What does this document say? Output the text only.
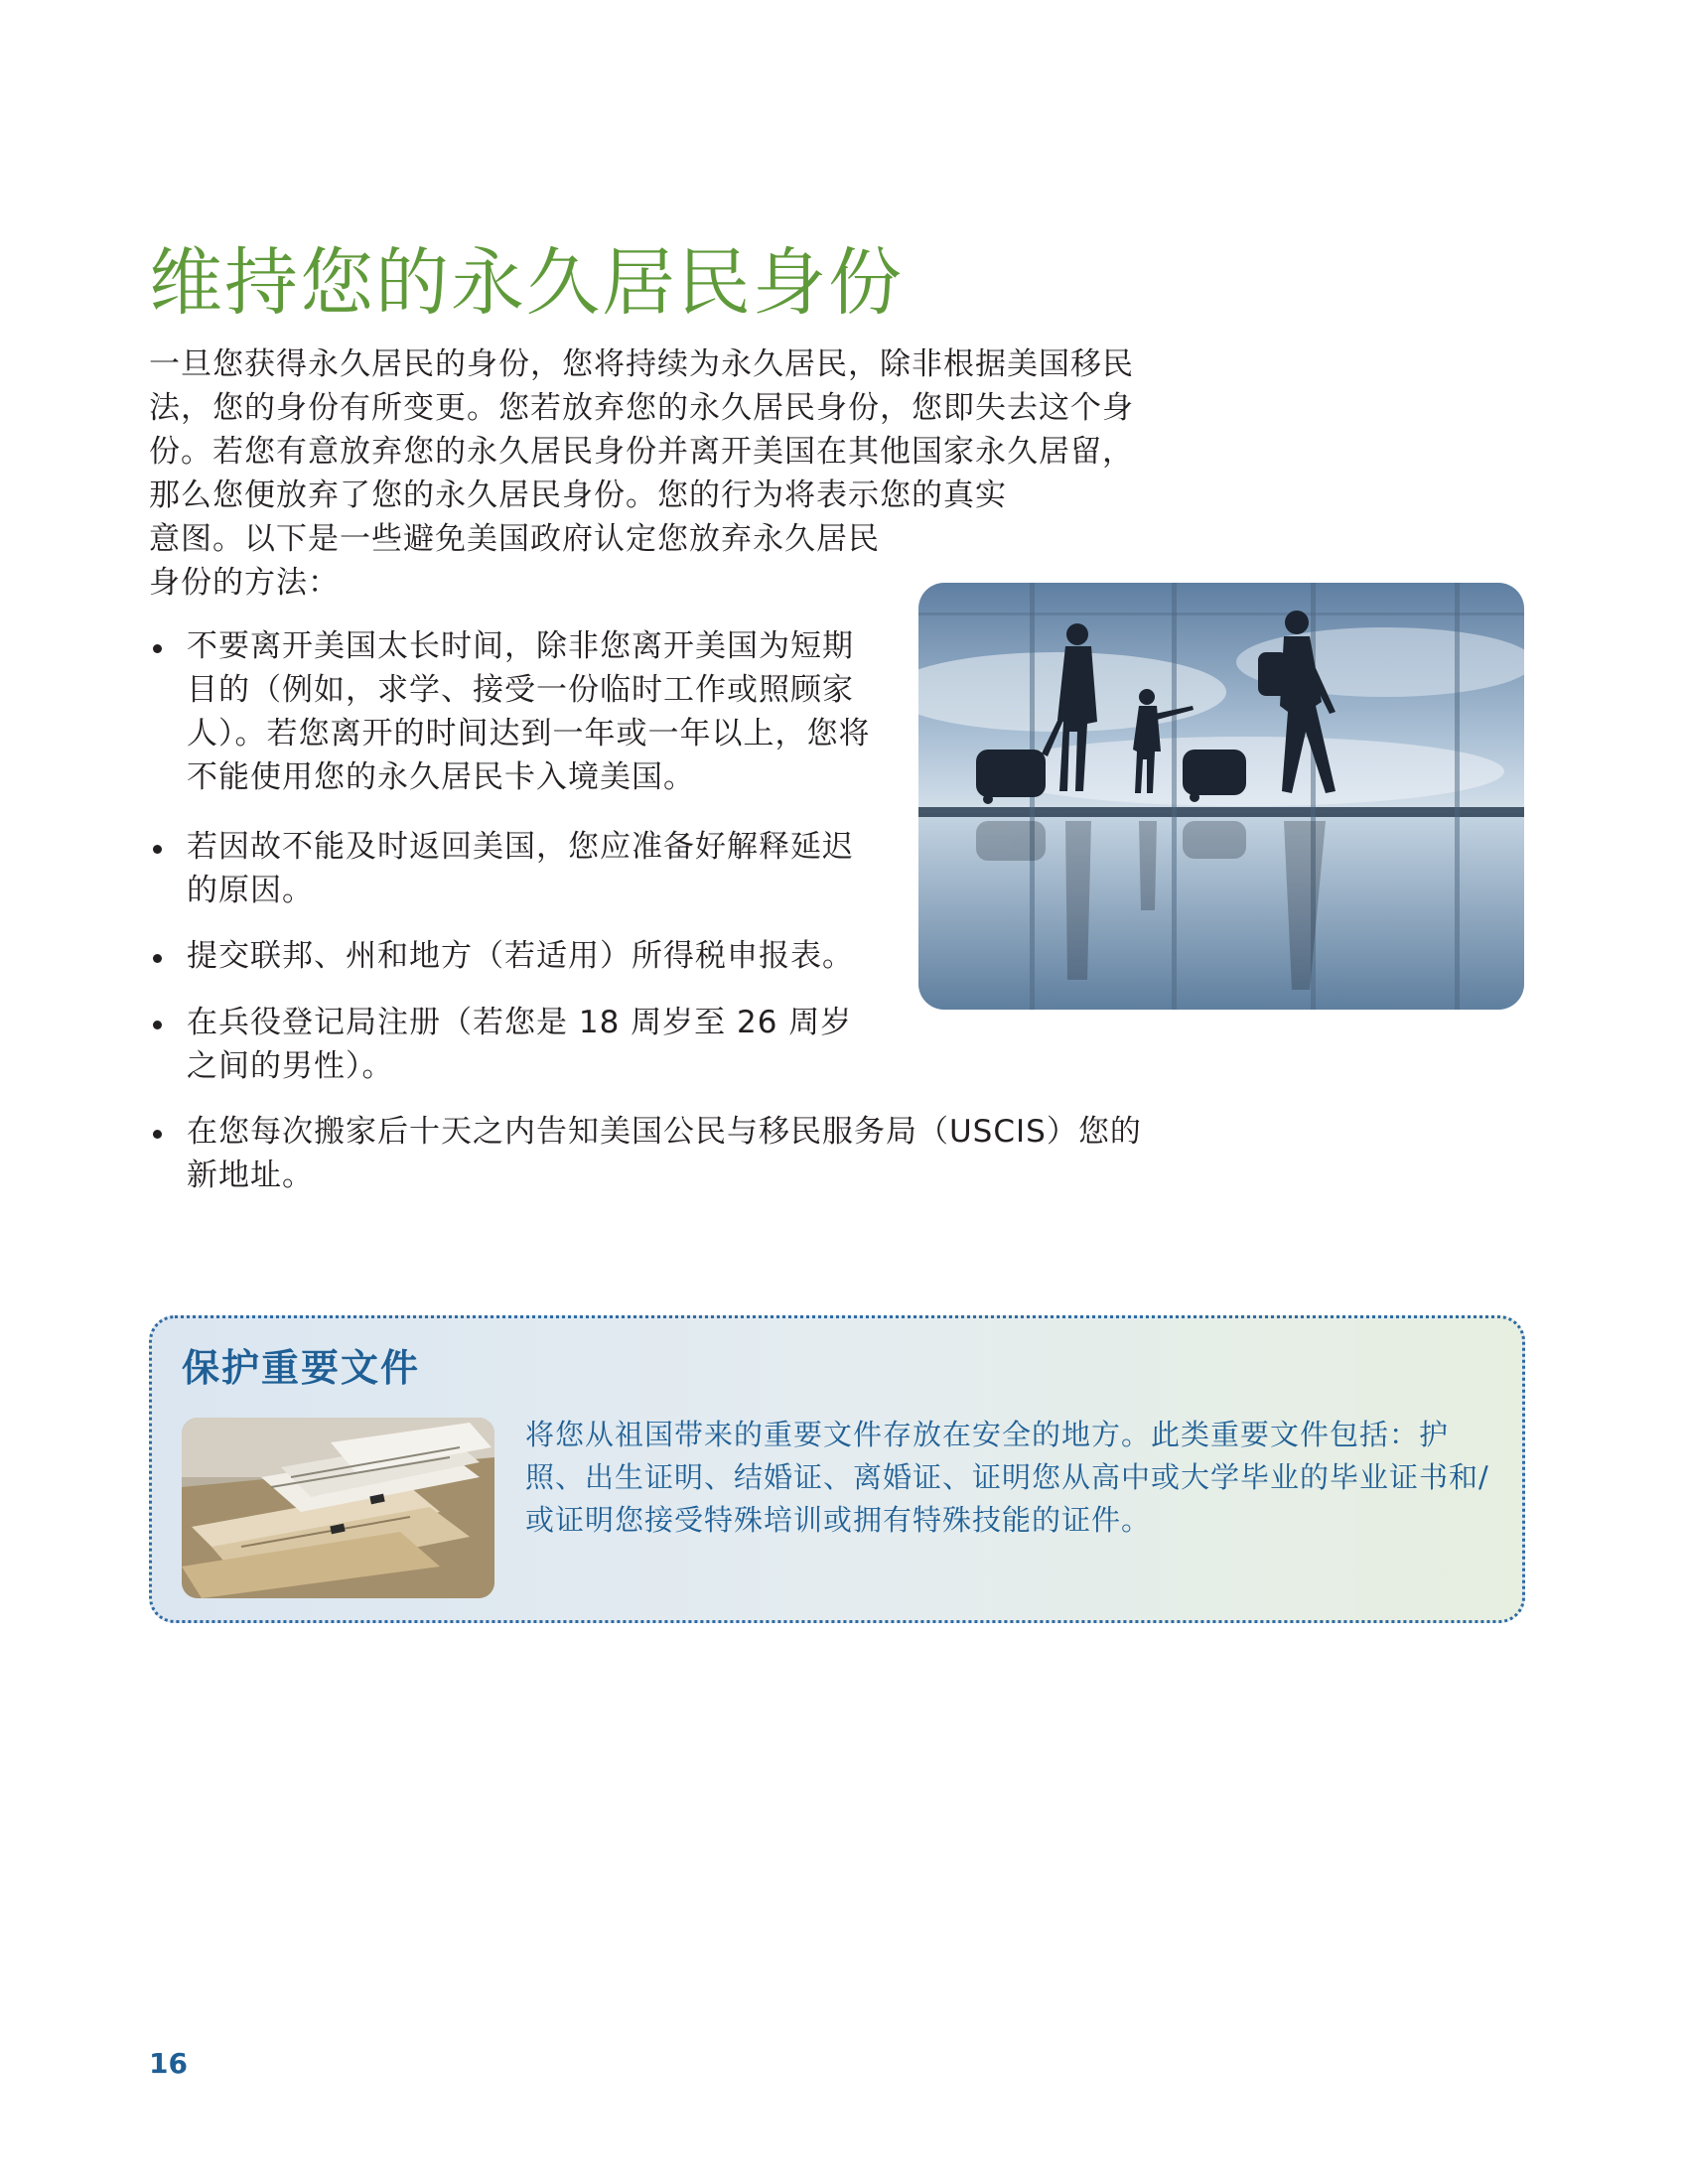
维持您的永久居民身份

一旦您获得永久居民的身份，您将持续为永久居民，除非根据美国移民法，您的身份有所变更。您若放弃您的永久居民身份，您即失去这个身份。若您有意放弃您的永久居民身份并离开美国在其他国家永久居留，那么您便放弃了您的永久居民身份。您的行为将表示您的真实

意图。以下是一些避免美国政府认定您放弃永久居民身份的方法：

不要离开美国太长时间，除非您离开美国为短期目的（例如，求学、接受一份临时工作或照顾家人）。若您离开的时间达到一年或一年以上，您将不能使用您的永久居民卡入境美国。
若因故不能及时返回美国，您应准备好解释延迟的原因。
提交联邦、州和地方（若适用）所得税申报表。
在兵役登记局注册（若您是 18 周岁至 26 周岁之间的男性）。
在您每次搬家后十天之内告知美国公民与移民服务局（USCIS）您的新地址。
保护重要文件

将您从祖国带来的重要文件存放在安全的地方。此类重要文件包括：护照、出生证明、结婚证、离婚证、证明您从高中或大学毕业的毕业证书和/或证明您接受特殊培训或拥有特殊技能的证件。

16
